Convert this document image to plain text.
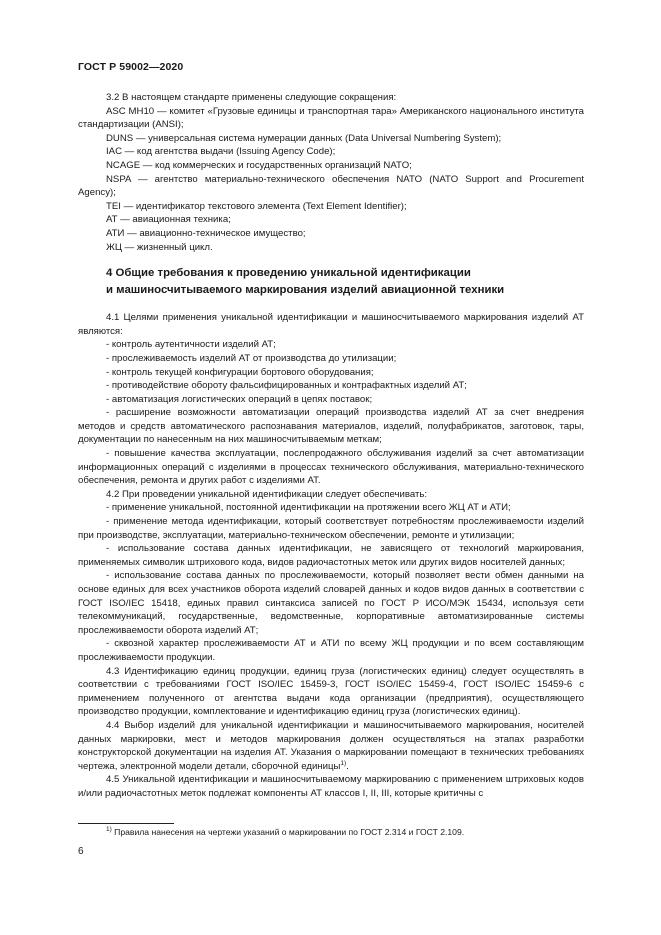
ГОСТ Р 59002—2020

3.2 В настоящем стандарте применены следующие сокращения:

ASC MH10 — комитет «Грузовые единицы и транспортная тара» Американского национального института стандартизации (ANSI);

DUNS — универсальная система нумерации данных (Data Universal Numbering System);

IAC — код агентства выдачи (Issuing Agency Code);

NCAGE — код коммерческих и государственных организаций NATO;

NSPA — агентство материально-технического обеспечения NATO (NATO Support and Procurement Agency);

TEI — идентификатор текстового элемента (Text Element Identifier);

АТ — авиационная техника;

АТИ — авиационно-техническое имущество;

ЖЦ — жизненный цикл.

4 Общие требования к проведению уникальной идентификации
и машиносчитываемого маркирования изделий авиационной техники

4.1 Целями применения уникальной идентификации и машиносчитываемого маркирования изделий АТ являются:

- контроль аутентичности изделий АТ;

- прослеживаемость изделий АТ от производства до утилизации;

- контроль текущей конфигурации бортового оборудования;

- противодействие обороту фальсифицированных и контрафактных изделий АТ;

- автоматизация логистических операций в цепях поставок;

- расширение возможности автоматизации операций производства изделий АТ за счет внедрения методов и средств автоматического распознавания материалов, изделий, полуфабрикатов, заготовок, тары, документации по нанесенным на них машиносчитываемым меткам;

- повышение качества эксплуатации, послепродажного обслуживания изделий за счет автоматизации информационных операций с изделиями в процессах технического обслуживания, материально-технического обеспечения, ремонта и других работ с изделиями АТ.

4.2 При проведении уникальной идентификации следует обеспечивать:

- применение уникальной, постоянной идентификации на протяжении всего ЖЦ АТ и АТИ;

- применение метода идентификации, который соответствует потребностям прослеживаемости изделий при производстве, эксплуатации, материально-техническом обеспечении, ремонте и утилизации;

- использование состава данных идентификации, не зависящего от технологий маркирования, применяемых символик штрихового кода, видов радиочастотных меток или других видов носителей данных;

- использование состава данных по прослеживаемости, который позволяет вести обмен данными на основе единых для всех участников оборота изделий словарей данных и кодов видов данных в соответствии с ГОСТ ISO/IEC 15418, единых правил синтаксиса записей по ГОСТ Р ИСО/МЭК 15434, используя сети телекоммуникаций, государственные, ведомственные, корпоративные автоматизированные системы прослеживаемости оборота изделий АТ;

- сквозной характер прослеживаемости АТ и АТИ по всему ЖЦ продукции и по всем составляющим прослеживаемости продукции.

4.3 Идентификацию единиц продукции, единиц груза (логистических единиц) следует осуществлять в соответствии с требованиями ГОСТ ISO/IEC 15459-3, ГОСТ ISO/IEC 15459-4, ГОСТ ISO/IEC 15459-6 с применением полученного от агентства выдачи кода организации (предприятия), осуществляющего производство продукции, комплектование и идентификацию единиц груза (логистических единиц).

4.4 Выбор изделий для уникальной идентификации и машиносчитываемого маркирования, носителей данных маркировки, мест и методов маркирования должен осуществляться на этапах разработки конструкторской документации на изделия АТ. Указания о маркировании помещают в технических требованиях чертежа, электронной модели детали, сборочной единицы$^{1)}$.

4.5 Уникальной идентификации и машиносчитываемому маркированию с применением штриховых кодов и/или радиочастотных меток подлежат компоненты АТ классов I, II, III, которые критичны с

$^{1)}$ Правила нанесения на чертежи указаний о маркировании по ГОСТ 2.314 и ГОСТ 2.109.
6
